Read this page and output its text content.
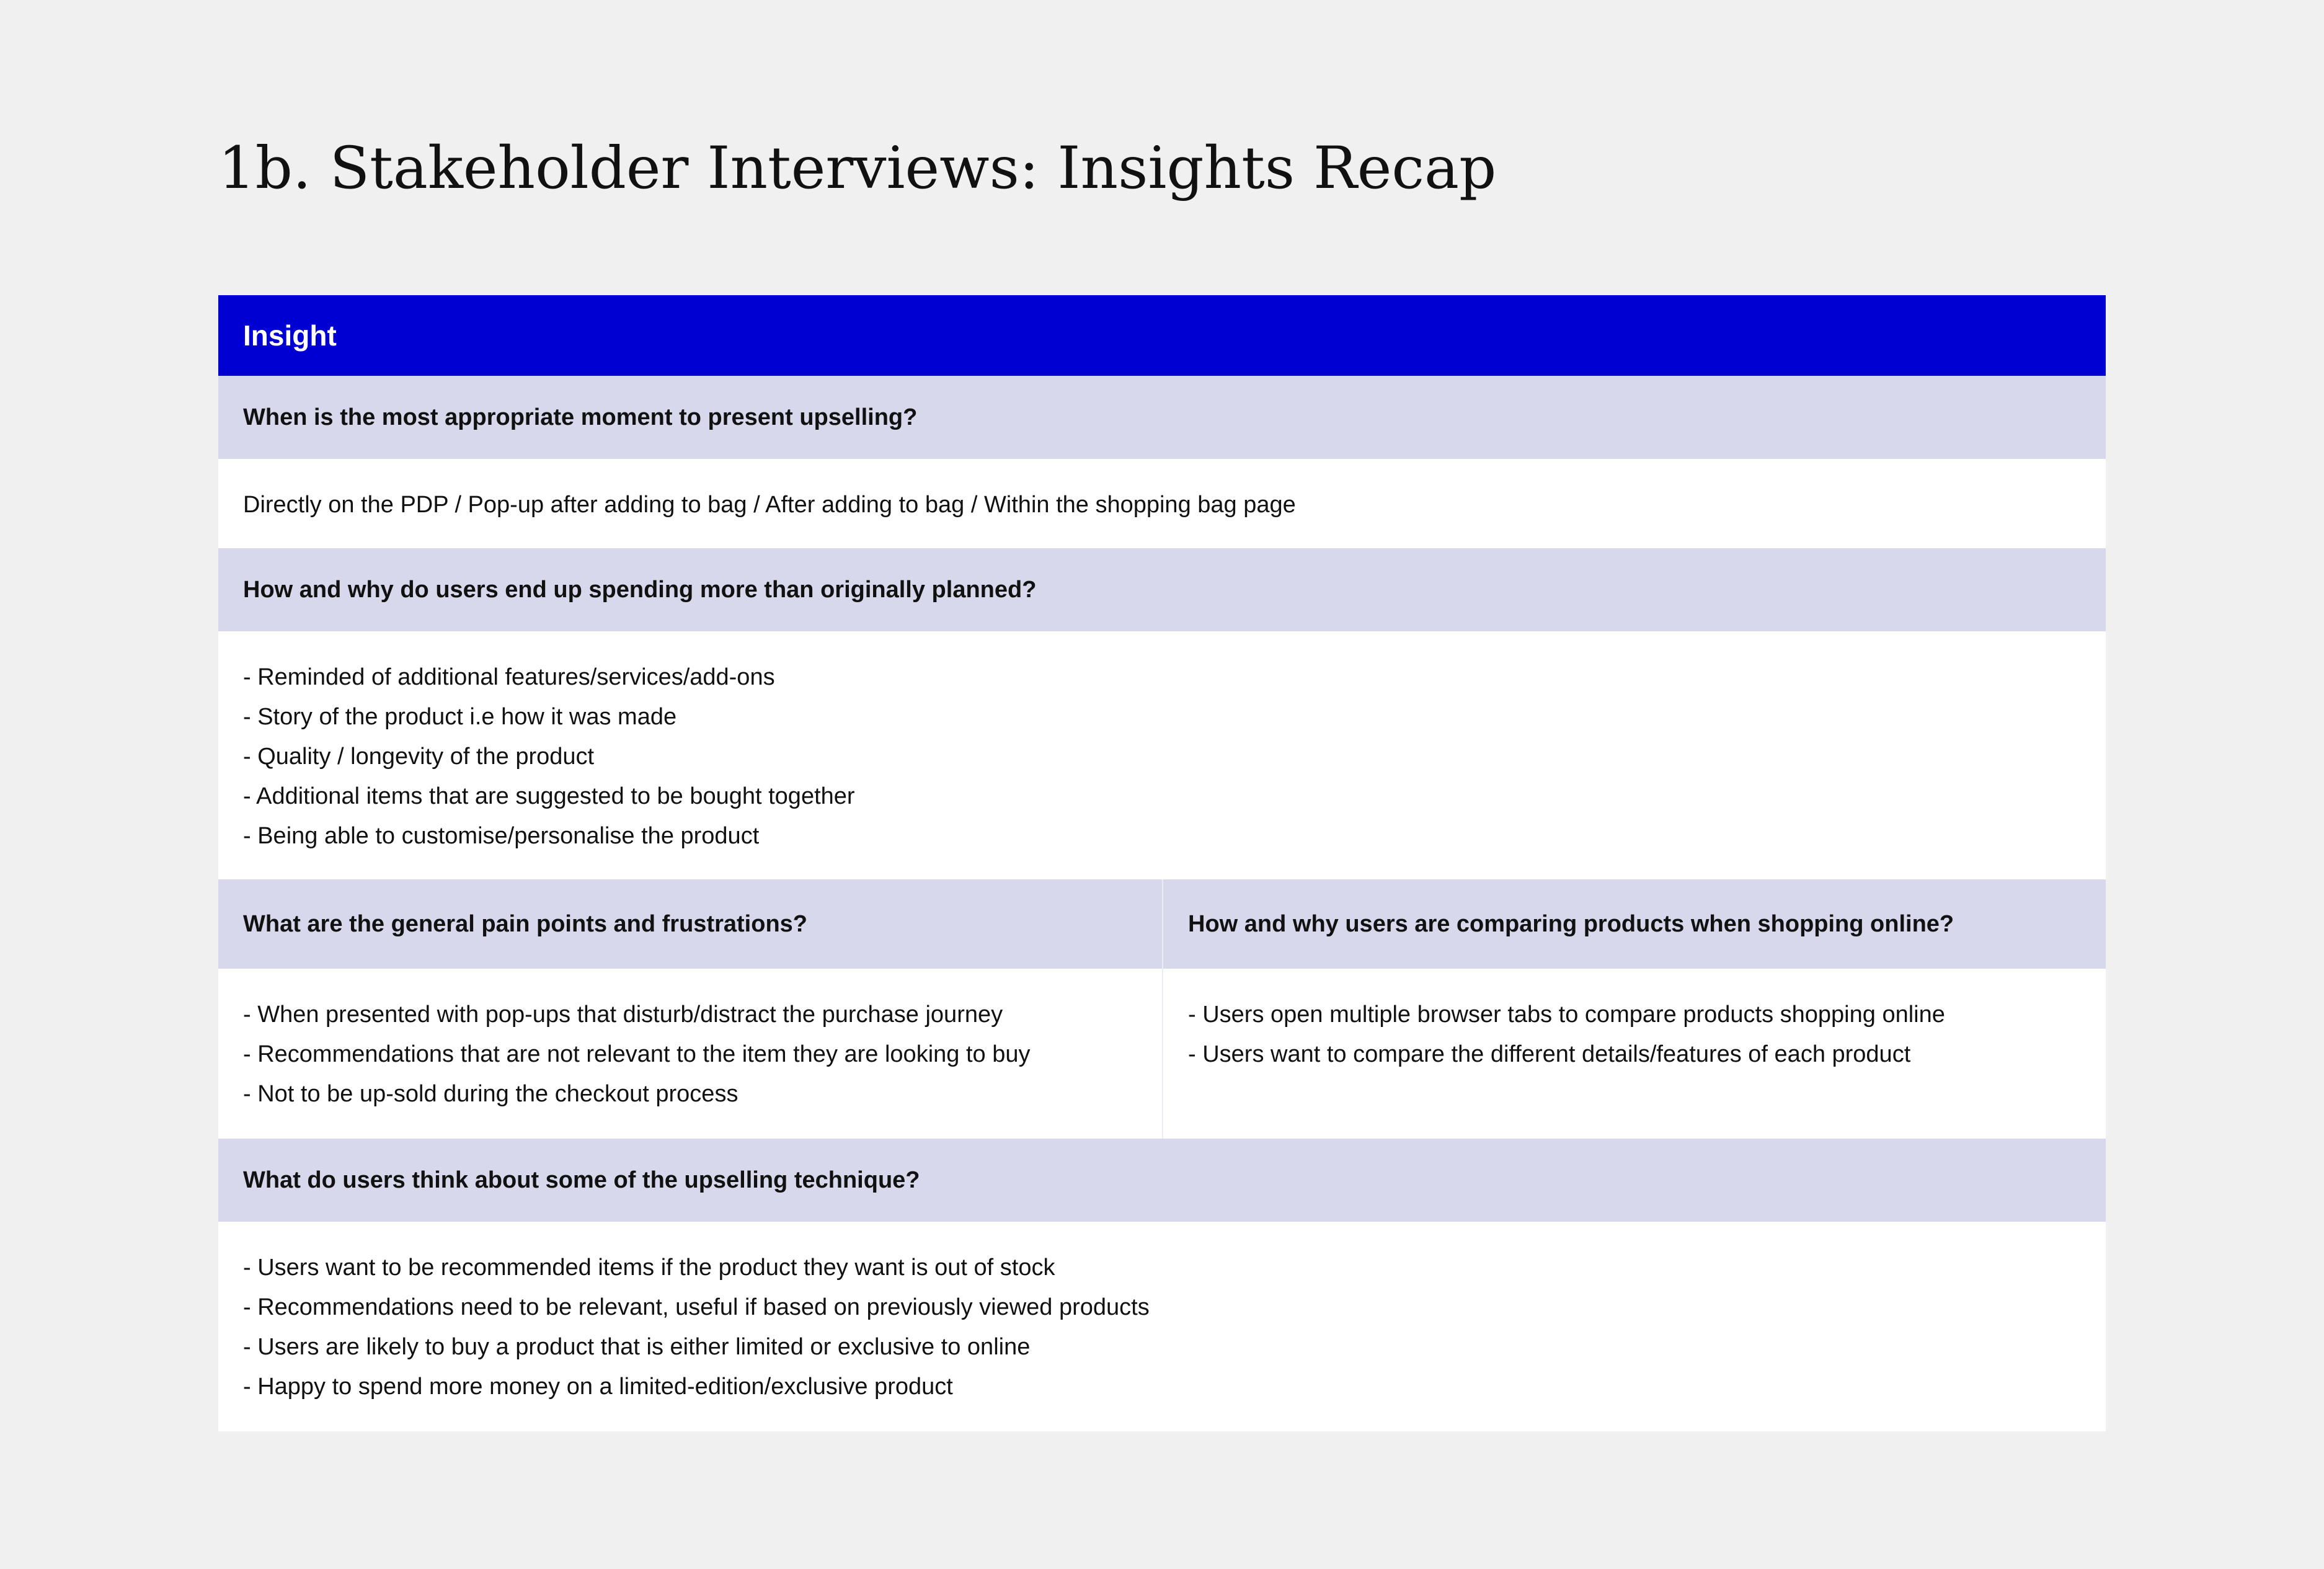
1b. Stakeholder Interviews: Insights Recap
Insight
When is the most appropriate moment to present upselling?
Directly on the PDP / Pop-up after adding to bag / After adding to bag / Within the shopping bag page
How and why do users end up spending more than originally planned?
- Reminded of additional features/services/add-ons
- Story of the product i.e how it was made
- Quality / longevity of the product
- Additional items that are suggested to be bought together
- Being able to customise/personalise the product
What are the general pain points and frustrations?
- When presented with pop-ups that disturb/distract the purchase journey
- Recommendations that are not relevant to the item they are looking to buy
- Not to be up-sold during the checkout process
How and why users are comparing products when shopping online?
- Users open multiple browser tabs to compare products shopping online
- Users want to compare the different details/features of each product
What do users think about some of the upselling technique?
- Users want to be recommended items if the product they want is out of stock
- Recommendations need to be relevant, useful if based on previously viewed products
- Users are likely to buy a product that is either limited or exclusive to online
- Happy to spend more money on a limited-edition/exclusive product
